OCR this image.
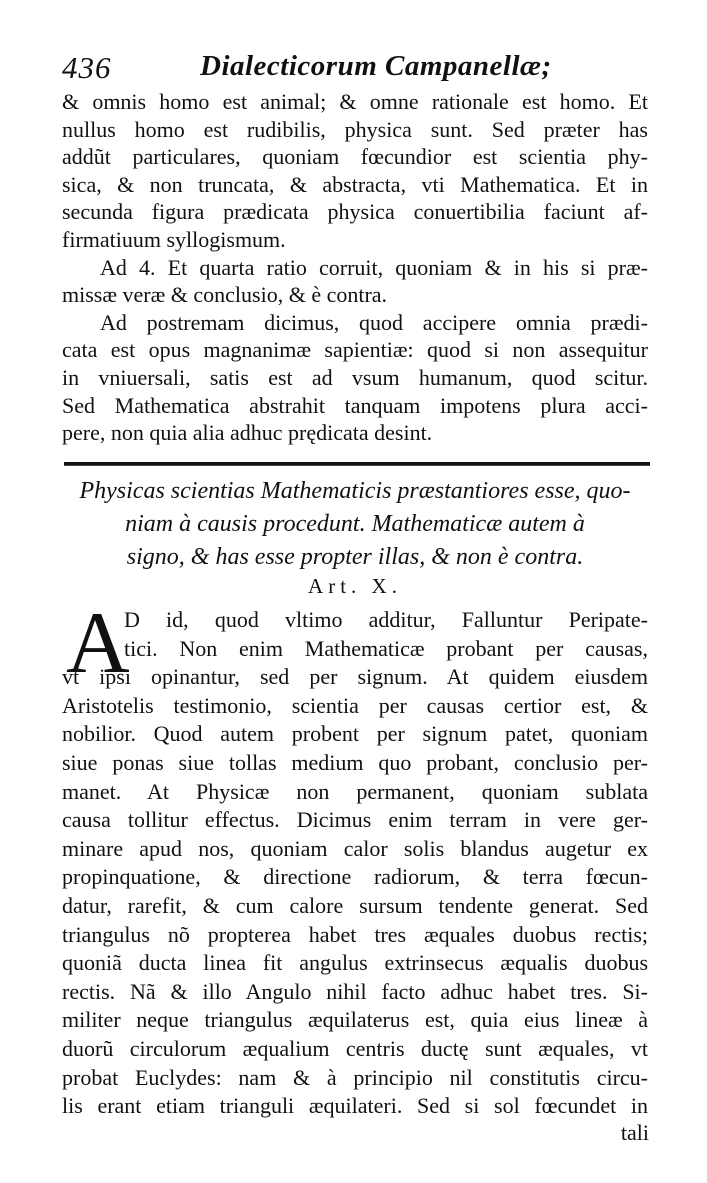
436	Dialecticorum Campanellæ;
& omnis homo est animal; & omne rationale est homo. Et
nullus homo est rudibilis, physica sunt. Sed præter has
addũt particulares, quoniam fœcundior est scientia phy-
sica, & non truncata, & abstracta, vti Mathematica. Et in
secunda figura prædicata physica conuertibilia faciunt af-
firmatiuum syllogismum.
Ad 4. Et quarta ratio corruit, quoniam & in his si præ-
missæ veræ & conclusio, & è contra.
Ad postremam dicimus, quod accipere omnia prædi-
cata est opus magnanimæ sapientiæ: quod si non assequitur
in vniuersali, satis est ad vsum humanum, quod scitur.
Sed Mathematica abstrahit tanquam impotens plura acci-
pere, non quia alia adhuc prędicata desint.
Physicas scientias Mathematicis præstantiores esse, quo-
niam à causis procedunt. Mathematicæ autem à
signo, & has esse propter illas, & non è contra.
Art. X.
A
D id, quod vltimo additur, Falluntur Peripate-
tici. Non enim Mathematicæ probant per causas,
vt ipsi opinantur, sed per signum. At quidem eiusdem
Aristotelis testimonio, scientia per causas certior est, &
nobilior. Quod autem probent per signum patet, quoniam
siue ponas siue tollas medium quo probant, conclusio per-
manet. At Physicæ non permanent, quoniam sublata
causa tollitur effectus. Dicimus enim terram in vere ger-
minare apud nos, quoniam calor solis blandus augetur ex
propinquatione, & directione radiorum, & terra fœcun-
datur, rarefit, & cum calore sursum tendente generat. Sed
triangulus nõ propterea habet tres æquales duobus rectis;
quoniã ducta linea fit angulus extrinsecus æqualis duobus
rectis. Nã & illo Angulo nihil facto adhuc habet tres. Si-
militer neque triangulus æquilaterus est, quia eius lineæ à
duorũ circulorum æqualium centris ductę sunt æquales, vt
probat Euclydes: nam & à principio nil constitutis circu-
lis erant etiam trianguli æquilateri. Sed si sol fœcundet in
tali
